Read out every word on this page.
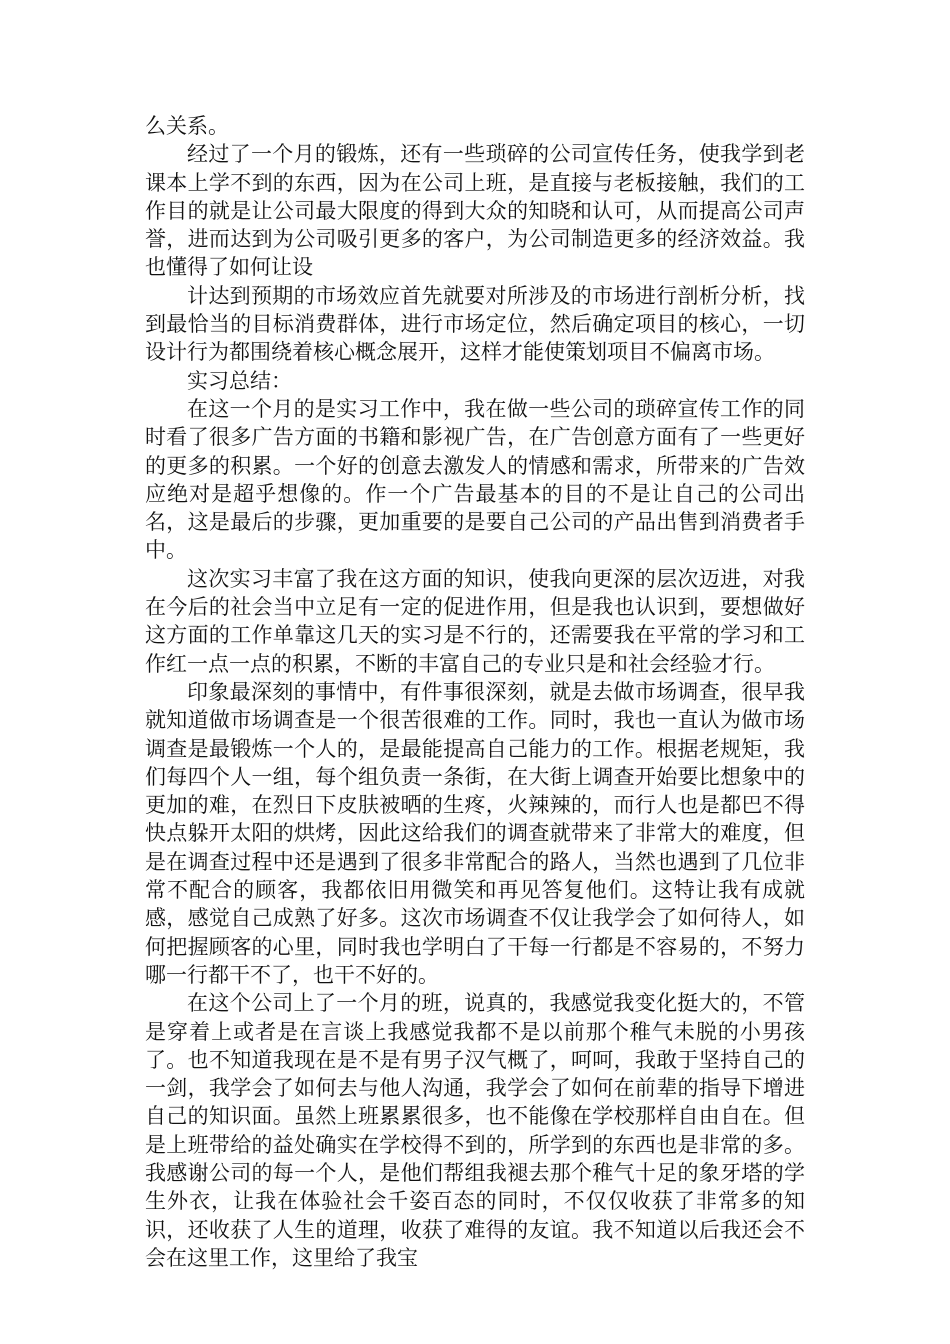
么关系。

经过了一个月的锻炼，还有一些琐碎的公司宣传任务，使我学到老课本上学不到的东西，因为在公司上班，是直接与老板接触，我们的工作目的就是让公司最大限度的得到大众的知晓和认可，从而提高公司声誉，进而达到为公司吸引更多的客户，为公司制造更多的经济效益。我也懂得了如何让设

计达到预期的市场效应首先就要对所涉及的市场进行剖析分析，找到最恰当的目标消费群体，进行市场定位，然后确定项目的核心，一切设计行为都围绕着核心概念展开，这样才能使策划项目不偏离市场。

实习总结：

在这一个月的是实习工作中，我在做一些公司的琐碎宣传工作的同时看了很多广告方面的书籍和影视广告，在广告创意方面有了一些更好的更多的积累。一个好的创意去激发人的情感和需求，所带来的广告效应绝对是超乎想像的。作一个广告最基本的目的不是让自己的公司出名，这是最后的步骤，更加重要的是要自己公司的产品出售到消费者手中。

这次实习丰富了我在这方面的知识，使我向更深的层次迈进，对我在今后的社会当中立足有一定的促进作用，但是我也认识到，要想做好这方面的工作单靠这几天的实习是不行的，还需要我在平常的学习和工作红一点一点的积累，不断的丰富自己的专业只是和社会经验才行。

印象最深刻的事情中，有件事很深刻，就是去做市场调查，很早我就知道做市场调查是一个很苦很难的工作。同时，我也一直认为做市场调查是最锻炼一个人的，是最能提高自己能力的工作。根据老规矩，我们每四个人一组，每个组负责一条街，在大街上调查开始要比想象中的更加的难，在烈日下皮肤被晒的生疼，火辣辣的，而行人也是都巴不得快点躲开太阳的烘烤，因此这给我们的调查就带来了非常大的难度，但是在调查过程中还是遇到了很多非常配合的路人，当然也遇到了几位非常不配合的顾客，我都依旧用微笑和再见答复他们。这特让我有成就感，感觉自己成熟了好多。这次市场调查不仅让我学会了如何待人，如何把握顾客的心里，同时我也学明白了干每一行都是不容易的，不努力哪一行都干不了，也干不好的。

在这个公司上了一个月的班，说真的，我感觉我变化挺大的，不管是穿着上或者是在言谈上我感觉我都不是以前那个稚气未脱的小男孩了。也不知道我现在是不是有男子汉气概了，呵呵，我敢于坚持自己的一剑，我学会了如何去与他人沟通，我学会了如何在前辈的指导下增进自己的知识面。虽然上班累累很多，也不能像在学校那样自由自在。但是上班带给的益处确实在学校得不到的，所学到的东西也是非常的多。我感谢公司的每一个人，是他们帮组我褪去那个稚气十足的象牙塔的学生外衣，让我在体验社会千姿百态的同时，不仅仅收获了非常多的知识，还收获了人生的道理，收获了难得的友谊。我不知道以后我还会不会在这里工作，这里给了我宝
